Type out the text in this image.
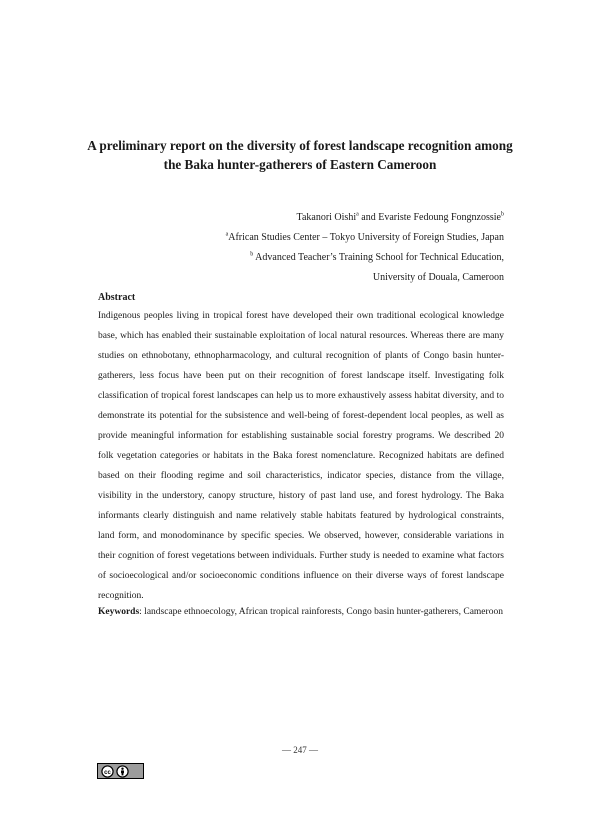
A preliminary report on the diversity of forest landscape recognition among
the Baka hunter-gatherers of Eastern Cameroon
Takanori Oishi$^a$ and Evariste Fedoung Fongnzossie$^b$
$^a$African Studies Center – Tokyo University of Foreign Studies, Japan
$^b$ Advanced Teacher’s Training School for Technical Education,
University of Douala, Cameroon
Abstract

Indigenous peoples living in tropical forest have developed their own traditional ecological knowledge base, which has enabled their sustainable exploitation of local natural resources. Whereas there are many studies on ethnobotany, ethnopharmacology, and cultural recognition of plants of Congo basin hunter-gatherers, less focus have been put on their recognition of forest landscape itself. Investigating folk classification of tropical forest landscapes can help us to more exhaustively assess habitat diversity, and to demonstrate its potential for the subsistence and well-being of forest-dependent local peoples, as well as provide meaningful information for establishing sustainable social forestry programs. We described 20 folk vegetation categories or habitats in the Baka forest nomenclature. Recognized habitats are defined based on their flooding regime and soil characteristics, indicator species, distance from the village, visibility in the understory, canopy structure, history of past land use, and forest hydrology. The Baka informants clearly distinguish and name relatively stable habitats featured by hydrological constraints, land form, and monodominance by specific species. We observed, however, considerable variations in their cognition of forest vegetations between individuals. Further study is needed to examine what factors of socioecological and/or socioeconomic conditions influence on their diverse ways of forest landscape recognition.

Keywords: landscape ethnoecology, African tropical rainforests, Congo basin hunter-gatherers, Cameroon

— 247 —
cc
